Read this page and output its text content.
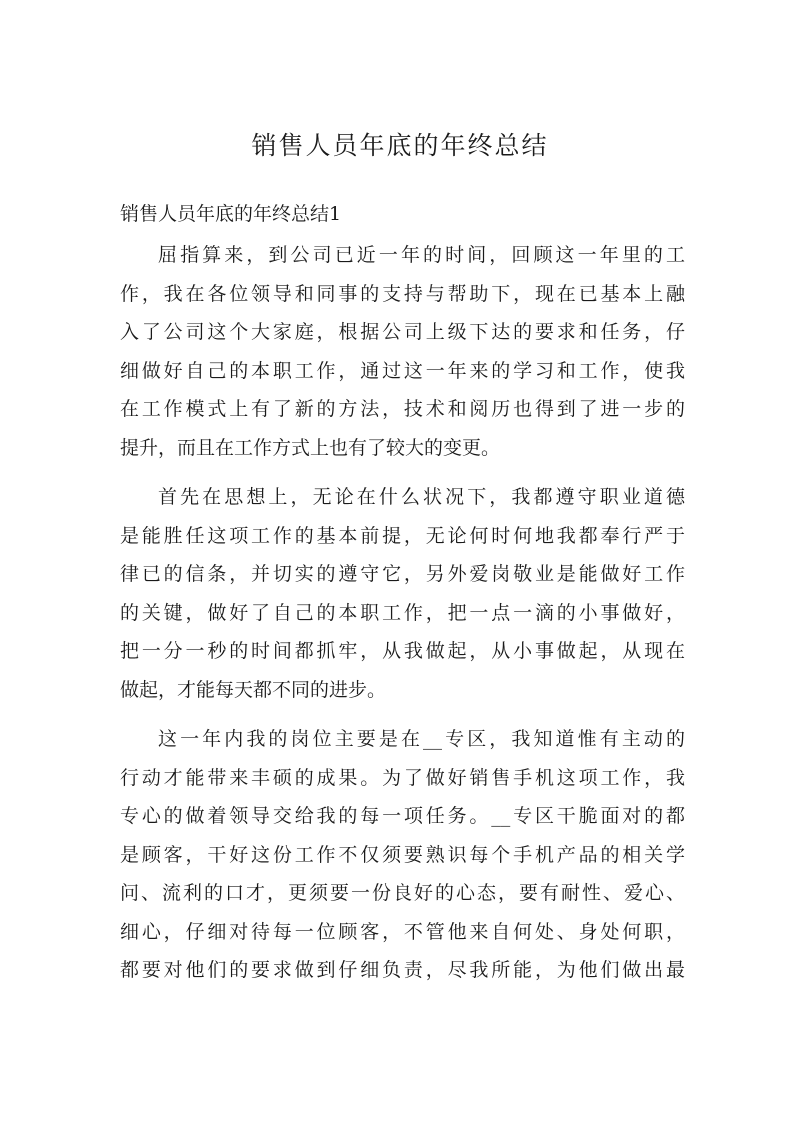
销售人员年底的年终总结
销售人员年底的年终总结1

屈指算来，到公司已近一年的时间，回顾这一年里的工
作，我在各位领导和同事的支持与帮助下，现在已基本上融
入了公司这个大家庭，根据公司上级下达的要求和任务，仔
细做好自己的本职工作，通过这一年来的学习和工作，使我
在工作模式上有了新的方法，技术和阅历也得到了进一步的
提升，而且在工作方式上也有了较大的变更。

首先在思想上，无论在什么状况下，我都遵守职业道德
是能胜任这项工作的基本前提，无论何时何地我都奉行严于
律已的信条，并切实的遵守它，另外爱岗敬业是能做好工作
的关键，做好了自己的本职工作，把一点一滴的小事做好，
把一分一秒的时间都抓牢，从我做起，从小事做起，从现在
做起，才能每天都不同的进步。

这一年内我的岗位主要是在__专区，我知道惟有主动的
行动才能带来丰硕的成果。为了做好销售手机这项工作，我
专心的做着领导交给我的每一项任务。__专区干脆面对的都
是顾客，干好这份工作不仅须要熟识每个手机产品的相关学
问、流利的口才，更须要一份良好的心态，要有耐性、爱心、
细心，仔细对待每一位顾客，不管他来自何处、身处何职，
都要对他们的要求做到仔细负责，尽我所能，为他们做出最
